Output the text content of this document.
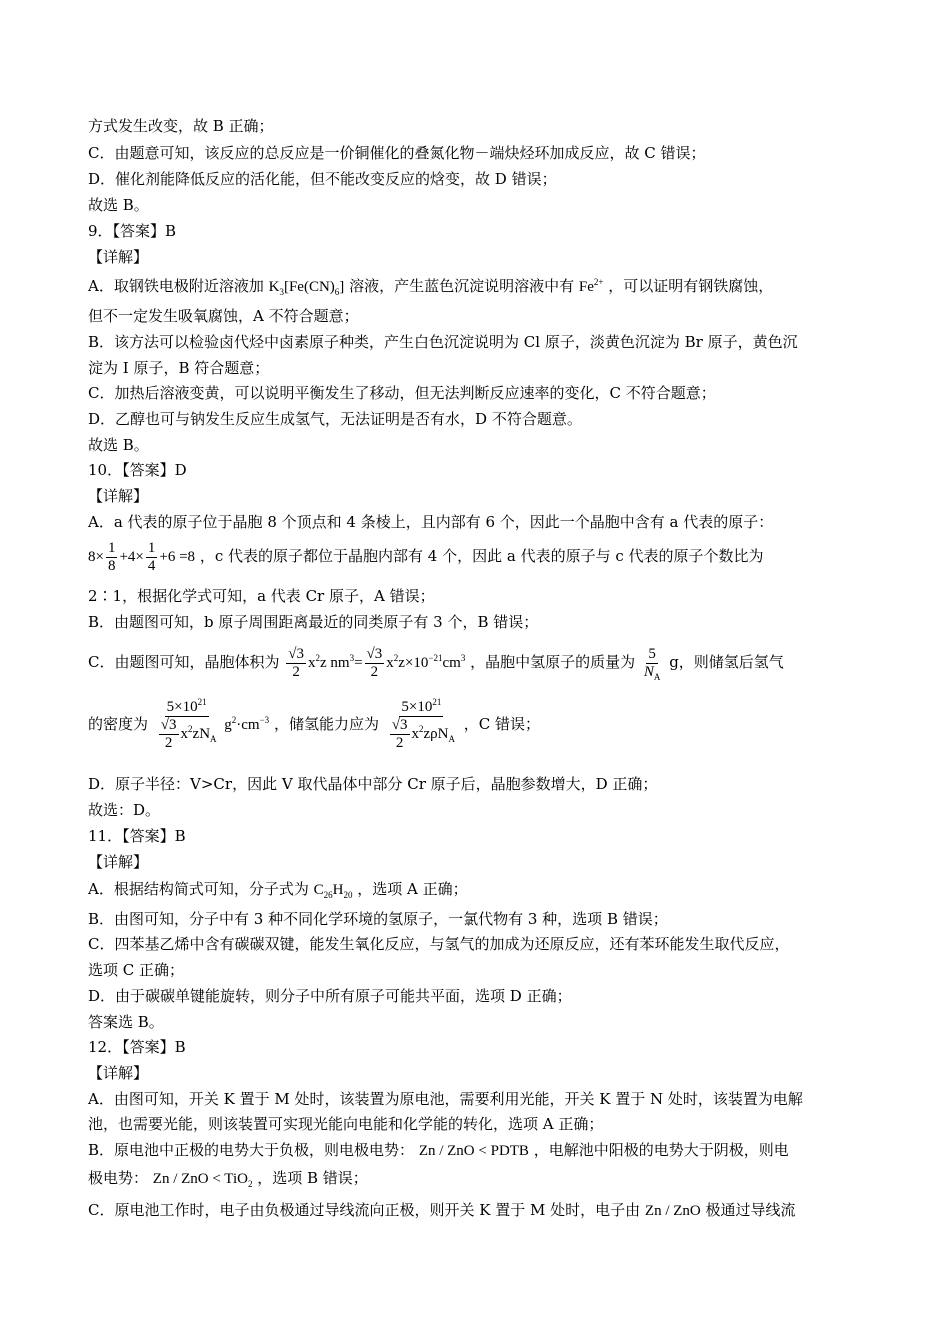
方式发生改变，故 B 正确；
C．由题意可知，该反应的总反应是一价铜催化的叠氮化物－端炔烃环加成反应，故 C 错误；
D．催化剂能降低反应的活化能，但不能改变反应的焓变，故 D 错误；
故选 B。
9．【答案】B
【详解】
A．取钢铁电极附近溶液加 $K_3[Fe(CN)_6]$ 溶液，产生蓝色沉淀说明溶液中有 $Fe^{2+}$ ，可以证明有钢铁腐蚀，
但不一定发生吸氧腐蚀，A 不符合题意；
B．该方法可以检验卤代烃中卤素原子种类，产生白色沉淀说明为 Cl 原子，淡黄色沉淀为 Br 原子，黄色沉
淀为 I 原子，B 符合题意；
C．加热后溶液变黄，可以说明平衡发生了移动，但无法判断反应速率的变化，C 不符合题意；
D．乙醇也可与钠发生反应生成氢气，无法证明是否有水，D 不符合题意。
故选 B。
10．【答案】D
【详解】
A．a 代表的原子位于晶胞 8 个顶点和 4 条棱上，且内部有 6 个，因此一个晶胞中含有 a 代表的原子：
$8\times \frac{1}{8} +4\times \frac{1}{4} +6 =8$ ，c 代表的原子都位于晶胞内部有 4 个，因此 a 代表的原子与 c 代表的原子个数比为
2∶1，根据化学式可知，a 代表 Cr 原子，A 错误；
B．由题图可知，b 原子周围距离最近的同类原子有 3 个，B 错误；
C．由题图可知，晶胞体积为 $\frac{√3}{2} x^2z$ $nm^3= \frac{√3}{2} x^2z\times 10^{-21}cm^3$ ，晶胞中氢原子的质量为 $\frac{5}{N_A}$ g，则储氢后氢气
的密度为 $\frac{5\times 10^{21}}{\frac{√3}{2} x^2zN_A} g^2\cdot cm^{-3}$ ，储氢能力应为 $\frac{5\times 10^{21}}{\frac{√3}{2} x^2z\rho N_A}$ ，C 错误；
D．原子半径：V>Cr，因此 V 取代晶体中部分 Cr 原子后，晶胞参数增大，D 正确；
故选：D。
11．【答案】B
【详解】
A．根据结构简式可知，分子式为 $C_{26}H_{20}$ ，选项 A 正确；
B．由图可知，分子中有 3 种不同化学环境的氢原子，一氯代物有 3 种，选项 B 错误；
C．四苯基乙烯中含有碳碳双键，能发生氧化反应，与氢气的加成为还原反应，还有苯环能发生取代反应，
选项 C 正确；
D．由于碳碳单键能旋转，则分子中所有原子可能共平面，选项 D 正确；
答案选 B。
12．【答案】B
【详解】
A．由图可知，开关 K 置于 M 处时，该装置为原电池，需要利用光能，开关 K 置于 N 处时，该装置为电解
池，也需要光能，则该装置可实现光能向电能和化学能的转化，选项 A 正确；
B．原电池中正极的电势大于负极，则电极电势： Zn / ZnO < PDTB ，电解池中阳极的电势大于阴极，则电
极电势： Zn / ZnO < TiO$_2$ ，选项 B 错误；
C．原电池工作时，电子由负极通过导线流向正极，则开关 K 置于 M 处时，电子由 Zn / ZnO 极通过导线流
